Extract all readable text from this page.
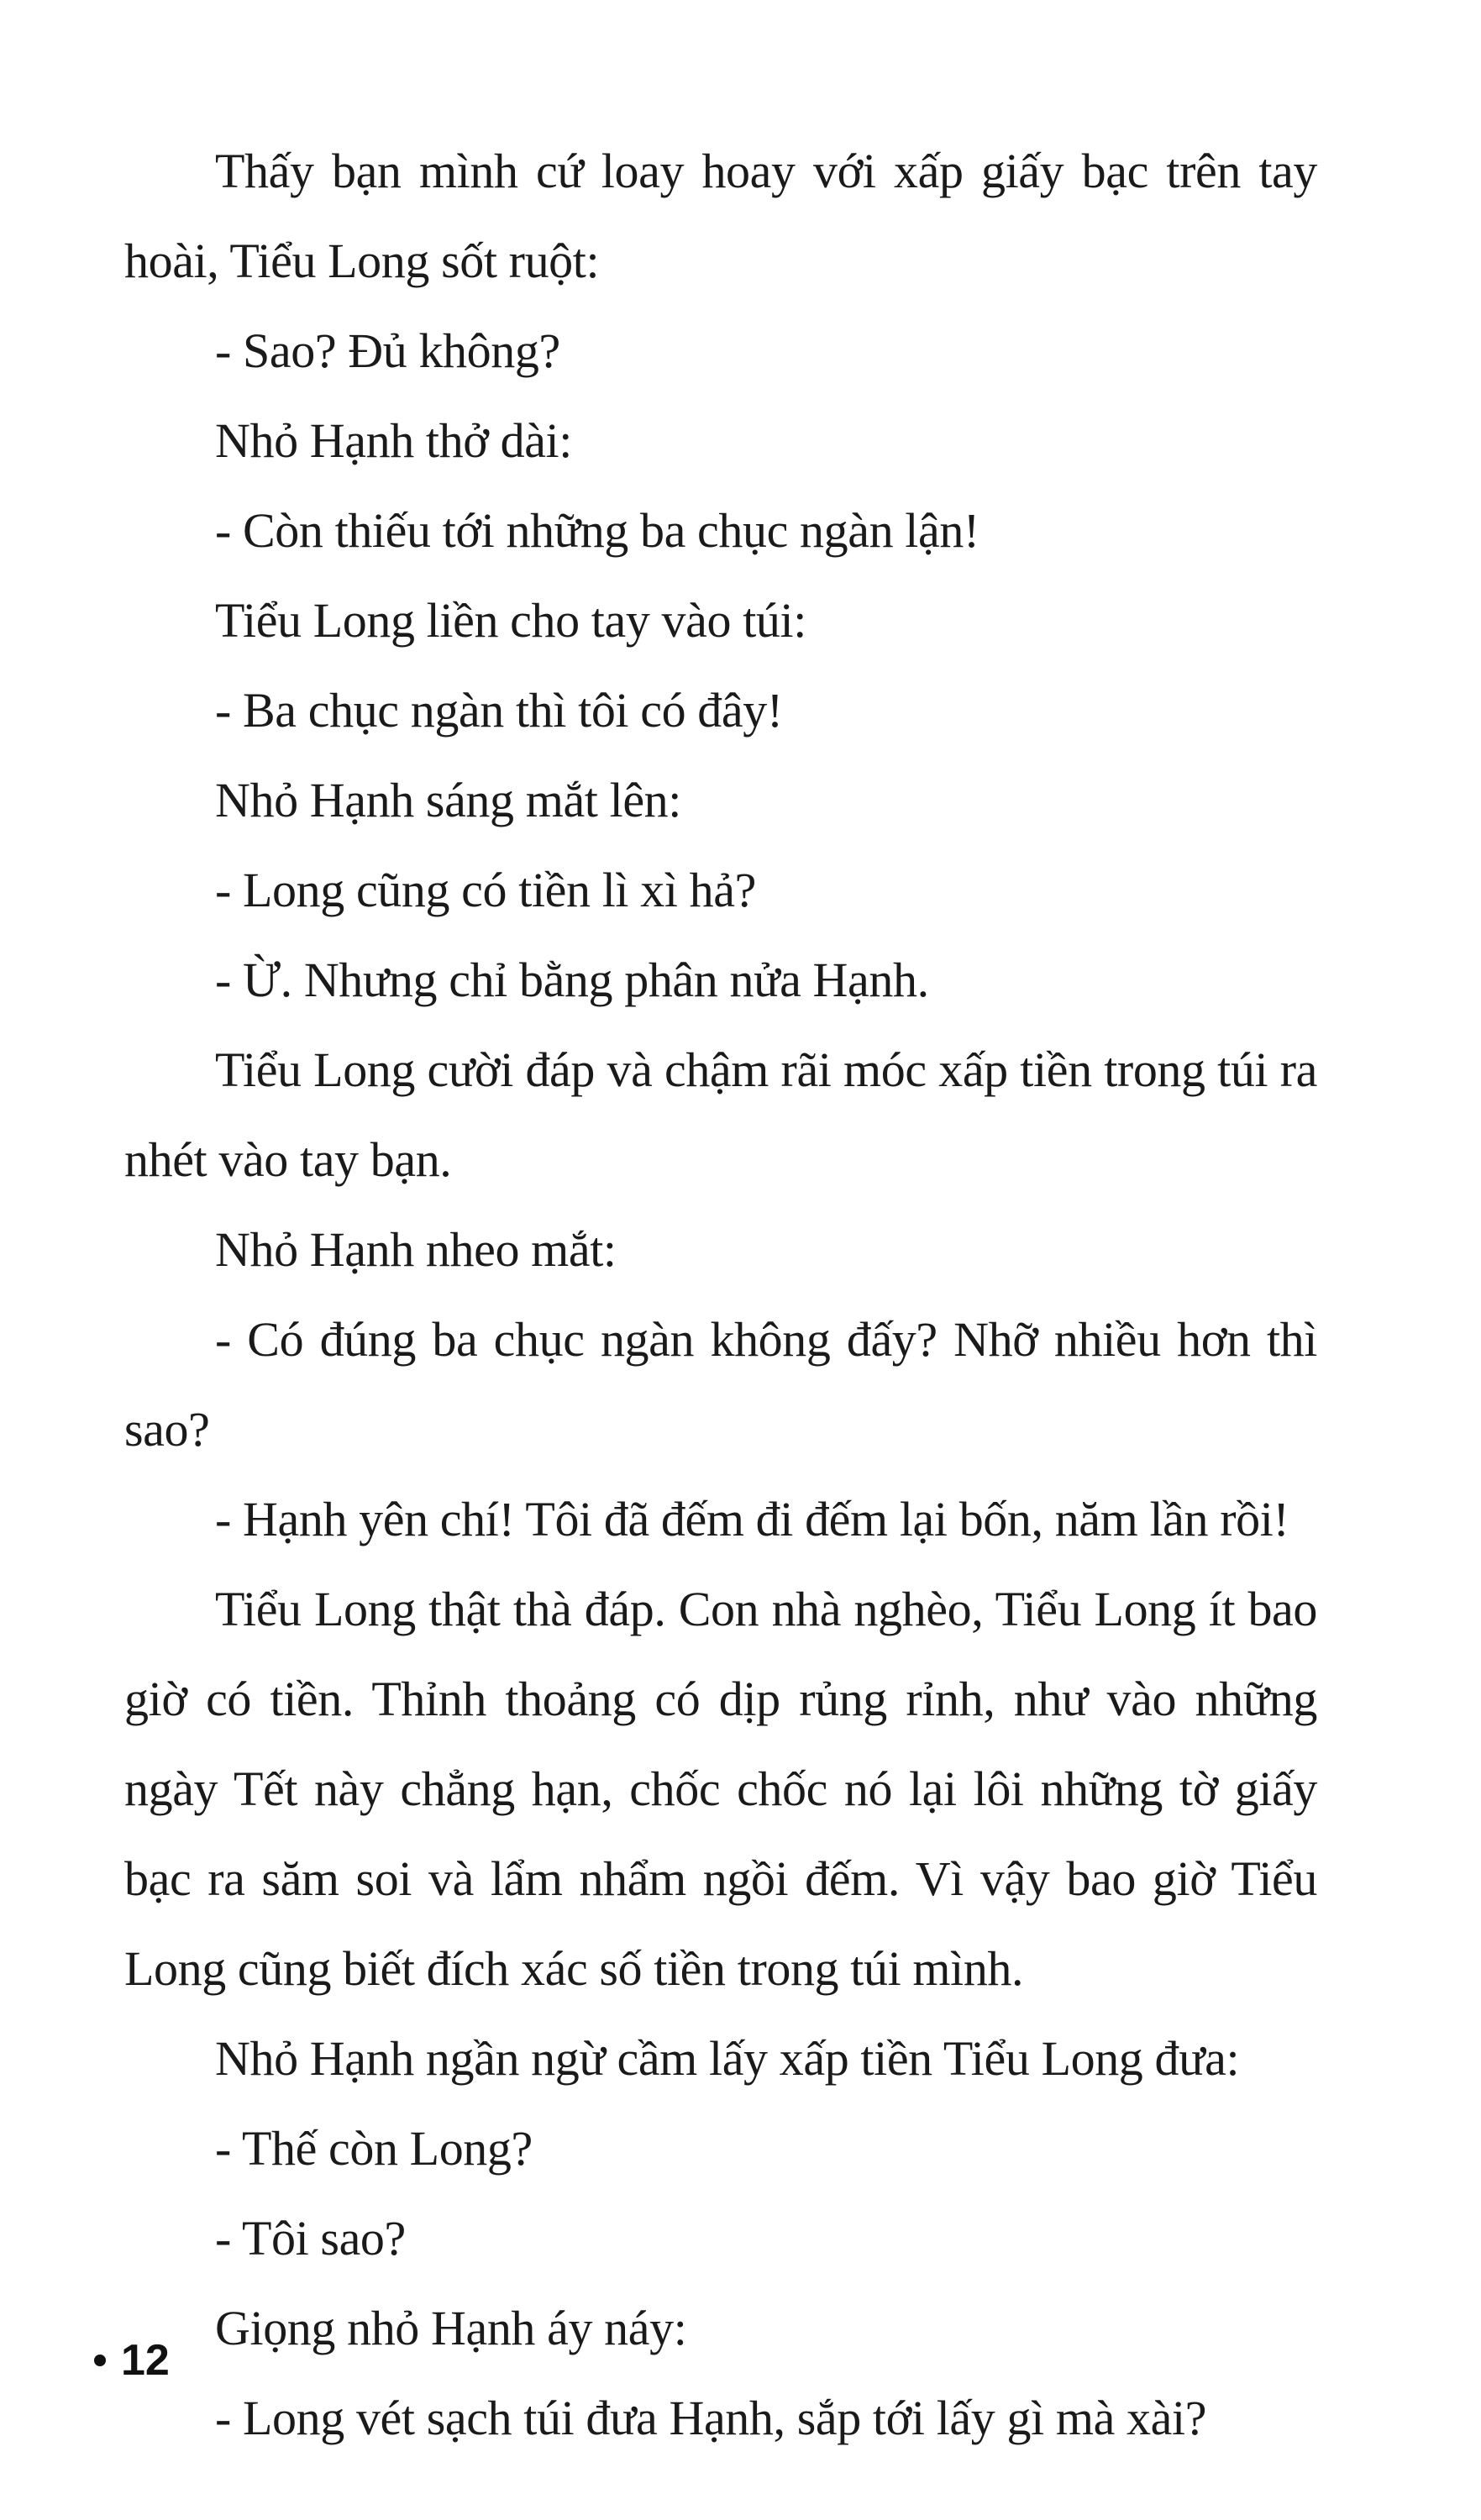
Thấy bạn mình cứ loay hoay với xấp giấy bạc trên tay hoài, Tiểu Long sốt ruột:

- Sao? Đủ không?

Nhỏ Hạnh thở dài:

- Còn thiếu tới những ba chục ngàn lận!

Tiểu Long liền cho tay vào túi:

- Ba chục ngàn thì tôi có đây!

Nhỏ Hạnh sáng mắt lên:

- Long cũng có tiền lì xì hả?

- Ừ. Nhưng chỉ bằng phân nửa Hạnh.

Tiểu Long cười đáp và chậm rãi móc xấp tiền trong túi ra nhét vào tay bạn.

Nhỏ Hạnh nheo mắt:

- Có đúng ba chục ngàn không đấy? Nhỡ nhiều hơn thì sao?

- Hạnh yên chí! Tôi đã đếm đi đếm lại bốn, năm lần rồi!

Tiểu Long thật thà đáp. Con nhà nghèo, Tiểu Long ít bao giờ có tiền. Thỉnh thoảng có dịp rủng rỉnh, như vào những ngày Tết này chẳng hạn, chốc chốc nó lại lôi những tờ giấy bạc ra săm soi và lẩm nhẩm ngồi đếm. Vì vậy bao giờ Tiểu Long cũng biết đích xác số tiền trong túi mình.

Nhỏ Hạnh ngần ngừ cầm lấy xấp tiền Tiểu Long đưa:

- Thế còn Long?

- Tôi sao?

Giọng nhỏ Hạnh áy náy:

- Long vét sạch túi đưa Hạnh, sắp tới lấy gì mà xài?

12
